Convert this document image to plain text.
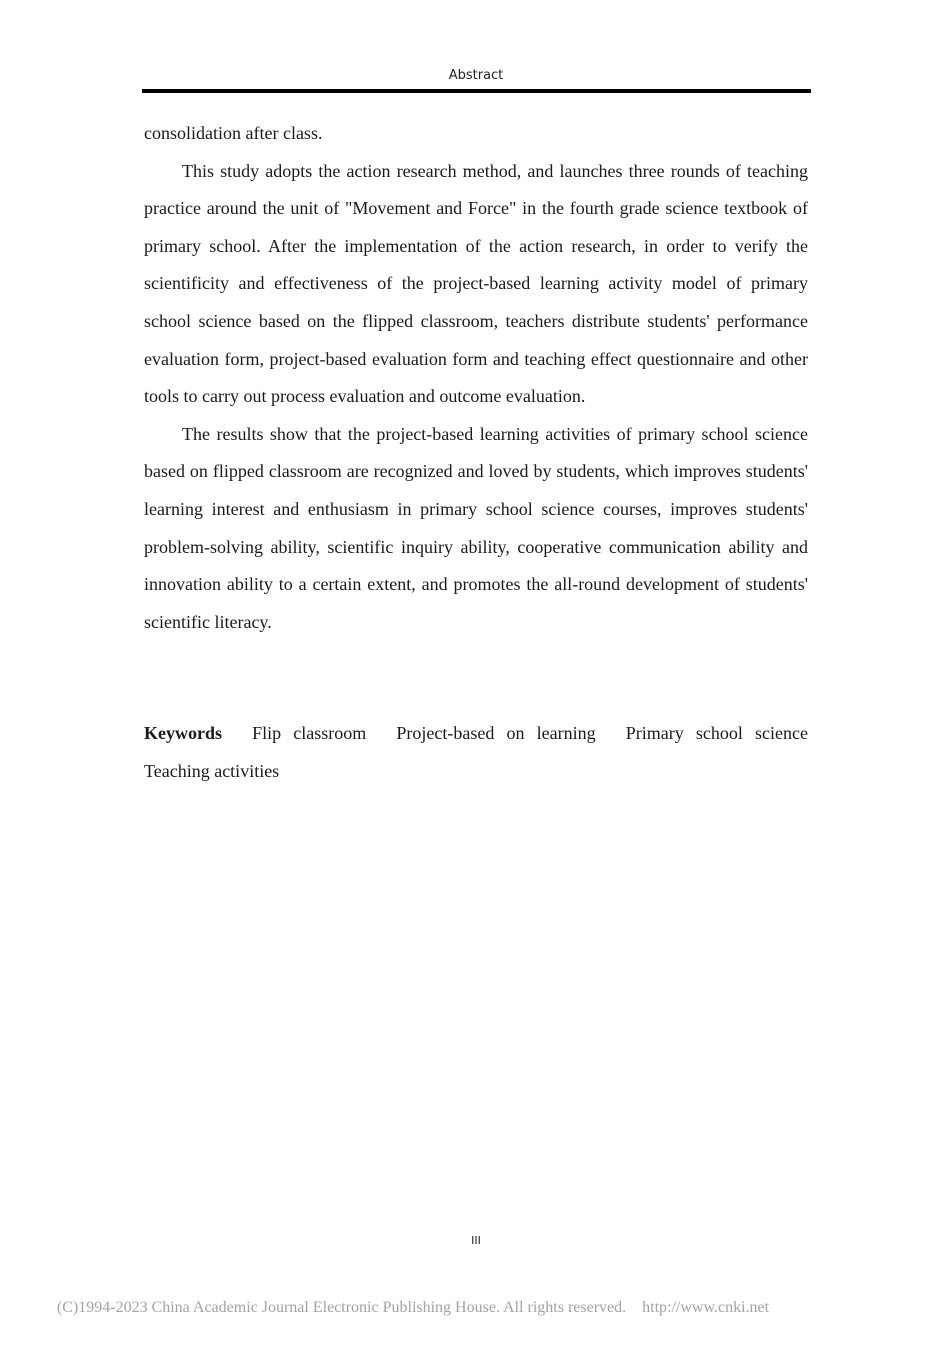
Abstract

consolidation after class.

This study adopts the action research method, and launches three rounds of teaching practice around the unit of "Movement and Force" in the fourth grade science textbook of primary school. After the implementation of the action research, in order to verify the scientificity and effectiveness of the project-based learning activity model of primary school science based on the flipped classroom, teachers distribute students' performance evaluation form, project-based evaluation form and teaching effect questionnaire and other tools to carry out process evaluation and outcome evaluation.

The results show that the project-based learning activities of primary school science based on flipped classroom are recognized and loved by students, which improves students' learning interest and enthusiasm in primary school science courses, improves students' problem-solving ability, scientific inquiry ability, cooperative communication ability and innovation ability to a certain extent, and promotes the all-round development of students' scientific literacy.

Keywords Flip classroom Project-based on learning Primary school science Teaching activities
III
(C)1994-2023 China Academic Journal Electronic Publishing House. All rights reserved.    http://www.cnki.net
